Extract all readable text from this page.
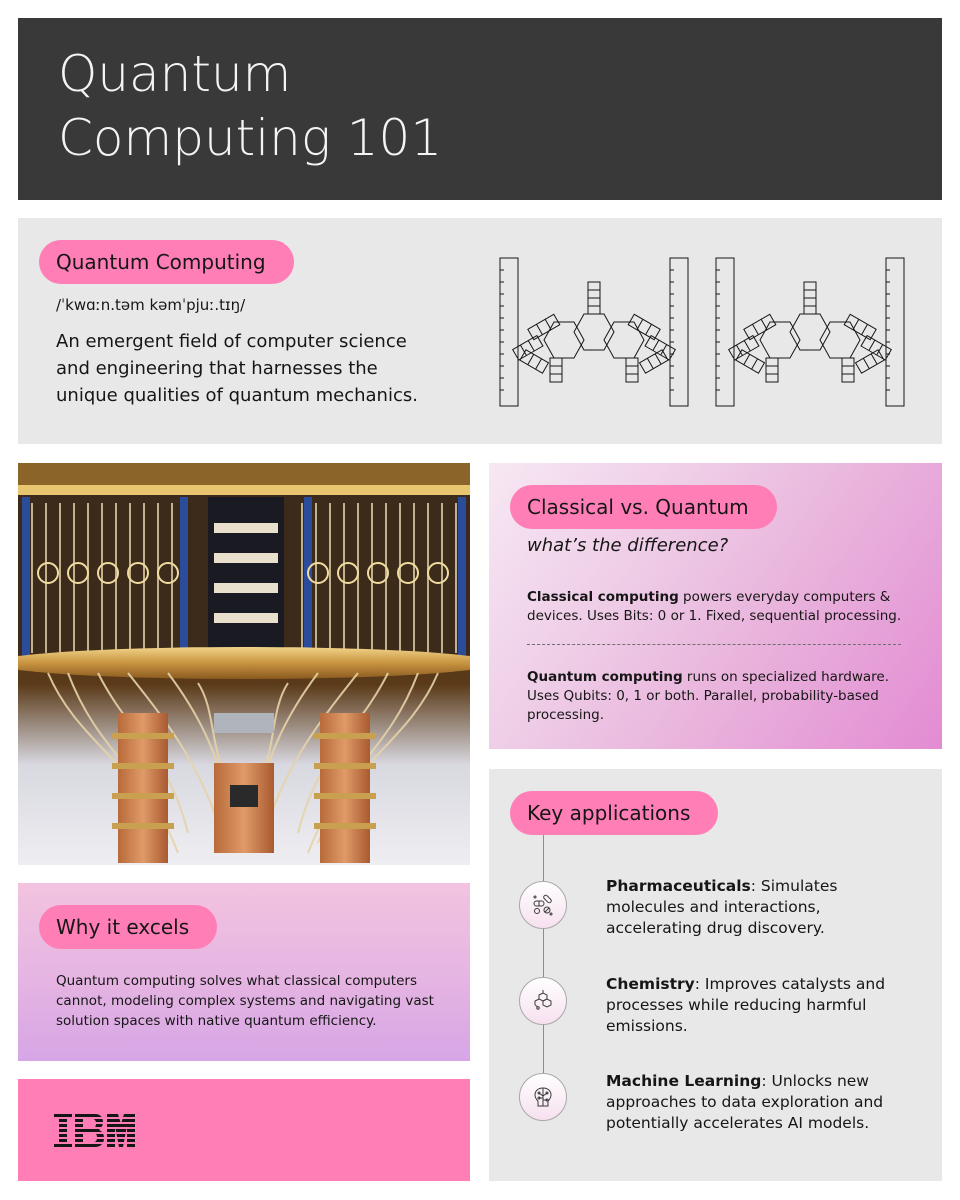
Quantum Computing 101
Quantum Computing
/ˈkwɑːn.təm kəmˈpjuː.tɪŋ/
An emergent field of computer science and engineering that harnesses the unique qualities of quantum mechanics.
Classical vs. Quantum
what’s the difference?
Classical computing powers everyday computers & devices. Uses Bits: 0 or 1. Fixed, sequential processing.
Quantum computing runs on specialized hardware. Uses Qubits: 0, 1 or both. Parallel, probability-based processing.
Why it excels
Quantum computing solves what classical computers cannot, modeling complex systems and navigating vast solution spaces with native quantum efficiency.
Key applications
Pharmaceuticals: Simulates molecules and interactions, accelerating drug discovery.
Chemistry: Improves catalysts and processes while reducing harmful emissions.
Machine Learning: Unlocks new approaches to data exploration and potentially accelerates AI models.
